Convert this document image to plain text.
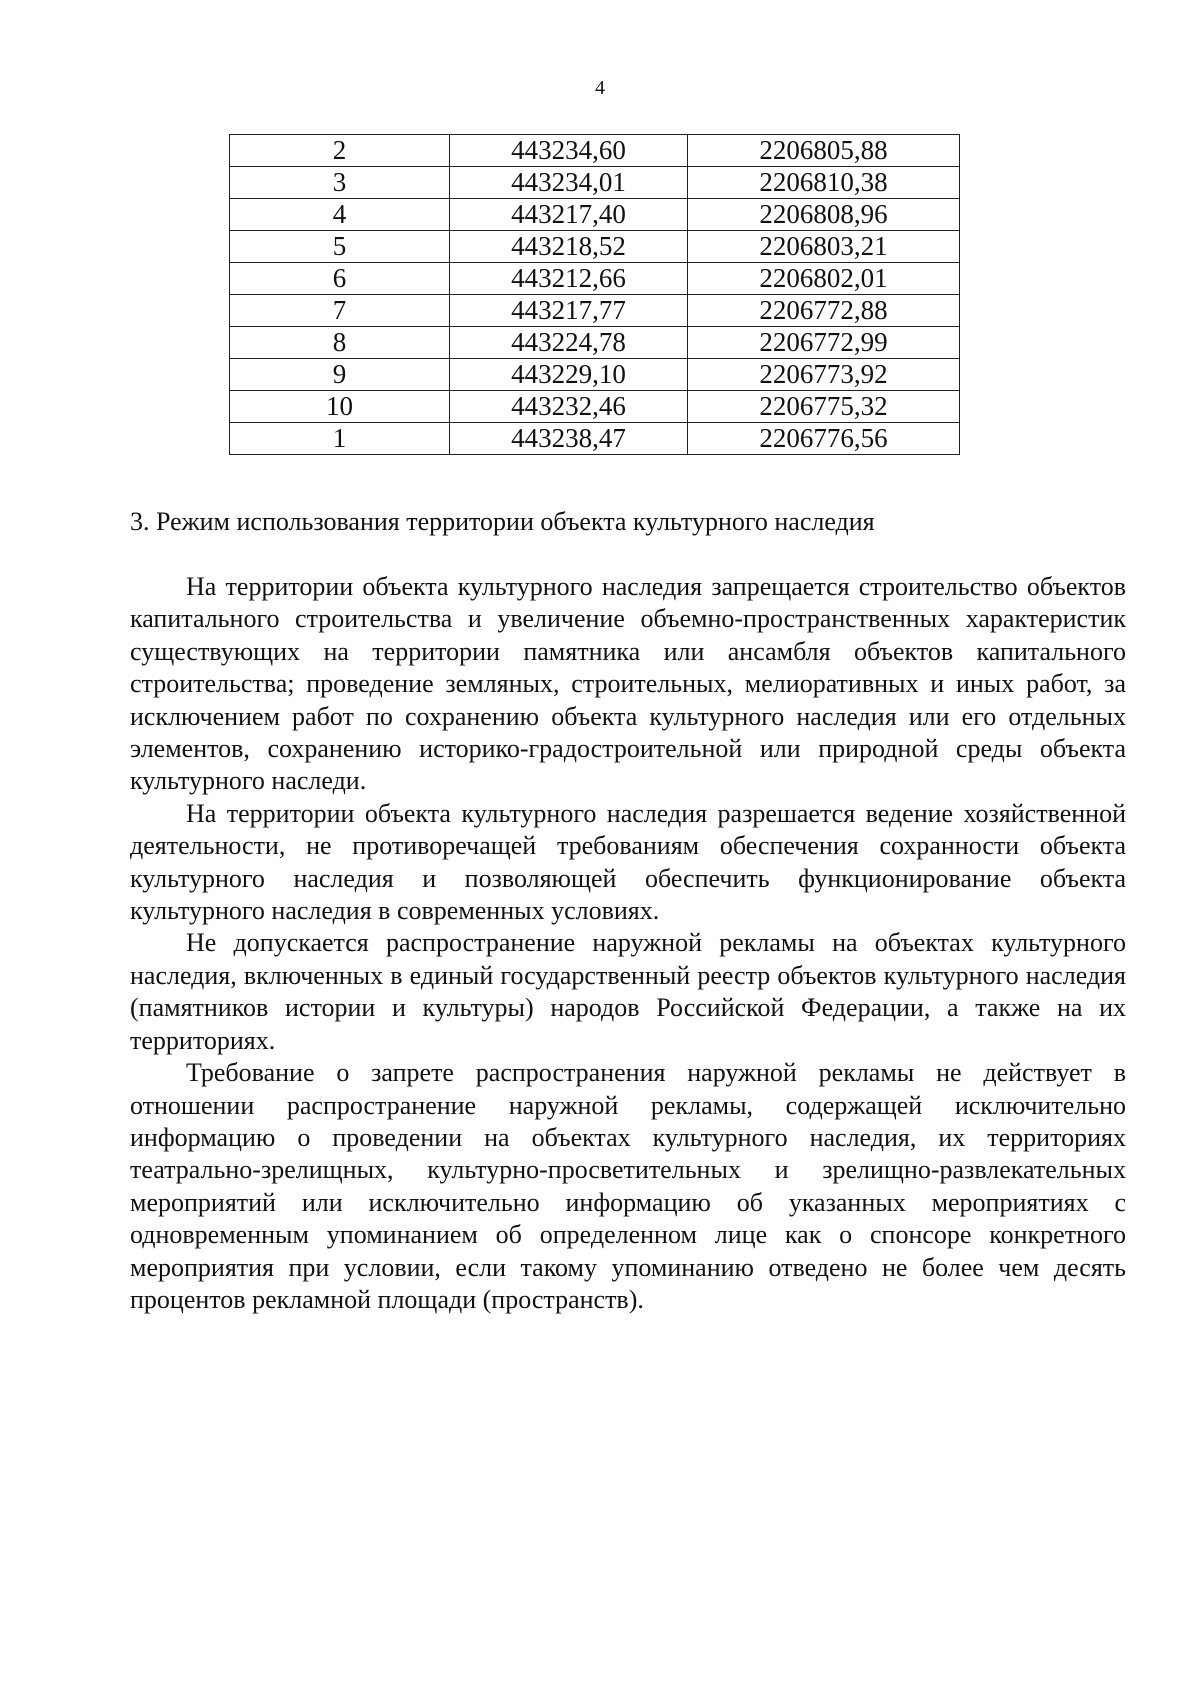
4
2	443234,60	2206805,88
3	443234,01	2206810,38
4	443217,40	2206808,96
5	443218,52	2206803,21
6	443212,66	2206802,01
7	443217,77	2206772,88
8	443224,78	2206772,99
9	443229,10	2206773,92
10	443232,46	2206775,32
1	443238,47	2206776,56
3. Режим использования территории объекта культурного наследия

На территории объекта культурного наследия запрещается строительство объектов капитального строительства и увеличение объемно-пространственных характеристик существующих на территории памятника или ансамбля объектов капитального строительства; проведение земляных, строительных, мелиоративных и иных работ, за исключением работ по сохранению объекта культурного наследия или его отдельных элементов, сохранению историко-градостроительной или природной среды объекта культурного наследи.

На территории объекта культурного наследия разрешается ведение хозяйственной деятельности, не противоречащей требованиям обеспечения сохранности объекта культурного наследия и позволяющей обеспечить функционирование объекта культурного наследия в современных условиях.

Не допускается распространение наружной рекламы на объектах культурного наследия, включенных в единый государственный реестр объектов культурного наследия (памятников истории и культуры) народов Российской Федерации, а также на их территориях.

Требование о запрете распространения наружной рекламы не действует в отношении распространение наружной рекламы, содержащей исключительно информацию о проведении на объектах культурного наследия, их территориях театрально-зрелищных, культурно-просветительных и зрелищно-развлекательных мероприятий или исключительно информацию об указанных мероприятиях с одновременным упоминанием об определенном лице как о спонсоре конкретного мероприятия при условии, если такому упоминанию отведено не более чем десять процентов рекламной площади (пространств).
